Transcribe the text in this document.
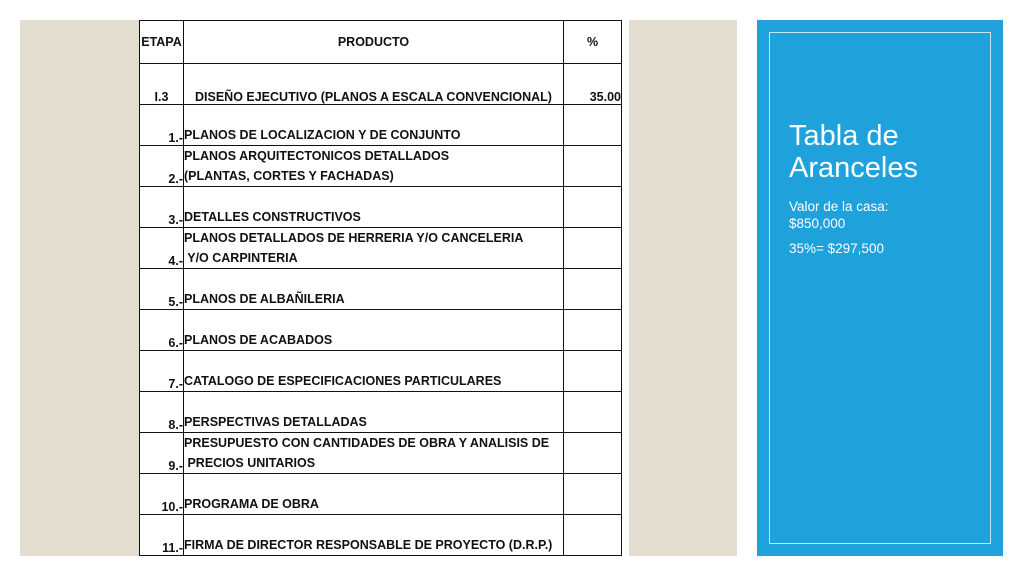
ETAPA	PRODUCTO	%
I.3	DISEÑO EJECUTIVO (PLANOS A ESCALA CONVENCIONAL)	35.00
1.-	PLANOS DE LOCALIZACION Y DE CONJUNTO	

2.-	PLANOS ARQUITECTONICOS DETALLADOS
(PLANTAS, CORTES Y FACHADAS)	

3.-	DETALLES CONSTRUCTIVOS	

4.-	PLANOS DETALLADOS DE HERRERIA Y/O CANCELERIA
Y/O CARPINTERIA	

5.-	PLANOS DE ALBAÑILERIA	

6.-	PLANOS DE ACABADOS	

7.-	CATALOGO DE ESPECIFICACIONES PARTICULARES	

8.-	PERSPECTIVAS DETALLADAS	

9.-	PRESUPUESTO CON CANTIDADES DE OBRA Y ANALISIS DE
PRECIOS UNITARIOS	

10.-	PROGRAMA DE OBRA	

11.-	FIRMA DE DIRECTOR RESPONSABLE DE PROYECTO (D.R.P.)	

Tabla de
Aranceles

Valor de la casa:
$850,000

35%= $297,500
